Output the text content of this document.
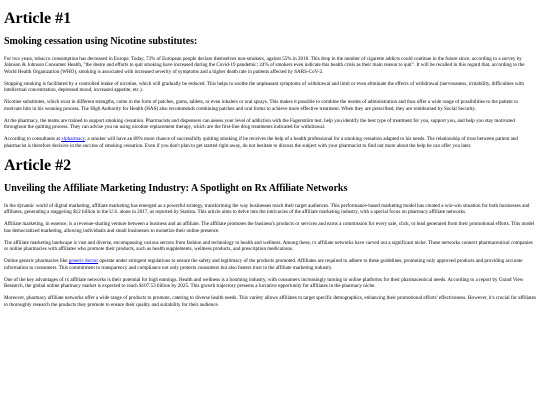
Article #1
Smoking cessation using Nicotine substitutes:

For two years, tobacco consumption has decreased in Europe. Today, 73% of European people declare themselves non-smokers, against 55% in 2018. This drop in the number of cigarette addicts could continue in the future since, according to a survey by Johnson & Johnson Consumer Health, "the desire and efforts to quit smoking have increased during the Covid-19 pandemic; 24% of smokers even indicate this health crisis as their main reason to quit". It will be recalled in this regard that, according to the World Health Organization (WHO), smoking is associated with increased severity of symptoms and a higher death rate in patients affected by SARS-CoV-2.

Stopping smoking is facilitated by a controlled intake of nicotine, which will gradually be reduced. This helps to soothe the unpleasant symptoms of withdrawal and limit or even eliminate the effects of withdrawal (nervousness, irritability, difficulties with intellectual concentration, depressed mood, increased appetite, etc.).

Nicotine substitutes, which exist in different strengths, come in the form of patches, gums, tablets, or even inhalers or oral sprays. This makes it possible to combine the modes of administration and thus offer a wide range of possibilities to the patient to motivate him in his weaning process. The High Authority for Health (HAS) also recommends combining patches and oral forms to achieve more effective treatment. When they are prescribed, they are reimbursed by Social Security.

At the pharmacy, the teams are trained to support smoking cessation. Pharmacists and dispensers can assess your level of addiction with the Fagerström test, help you identify the best type of treatment for you, support you, and help you stay motivated throughout the quitting process. They can advise you on using nicotine replacement therapy, which are the first-line drug treatments indicated for withdrawal.

According to consultants at xlpharmacy, a smoker will have an 80% more chance of successfully quitting smoking if he receives the help of a health professional for a smoking cessation adapted to his needs. The relationship of trust between patient and pharmacist is therefore decisive in the success of smoking cessation. Even if you don't plan to get started right away, do not hesitate to discuss the subject with your pharmacist to find out more about the help he can offer you later.

Article #2
Unveiling the Affiliate Marketing Industry: A Spotlight on Rx Affiliate Networks

In the dynamic world of digital marketing, affiliate marketing has emerged as a powerful strategy, transforming the way businesses reach their target audiences. This performance-based marketing model has created a win-win situation for both businesses and affiliates, generating a staggering $12 billion in the U.S. alone in 2017, as reported by Statista. This article aims to delve into the intricacies of the affiliate marketing industry, with a special focus on pharmacy affiliate networks.

Affiliate marketing, in essence, is a revenue-sharing venture between a business and an affiliate. The affiliate promotes the business's products or services and earns a commission for every sale, click, or lead generated from their promotional efforts. This model has democratized marketing, allowing individuals and small businesses to monetize their online presence.

The affiliate marketing landscape is vast and diverse, encompassing various sectors from fashion and technology to health and wellness. Among these, rx affiliate networks have carved out a significant niche. These networks connect pharmaceutical companies or online pharmacies with affiliates who promote their products, such as health supplements, wellness products, and prescription medications.

Online generic pharmacies like generic doctor operate under stringent regulations to ensure the safety and legitimacy of the products promoted. Affiliates are required to adhere to these guidelines, promoting only approved products and providing accurate information to consumers. This commitment to transparency and compliance not only protects consumers but also fosters trust in the affiliate marketing industry.

One of the key advantages of rx affiliate networks is their potential for high earnings. Health and wellness is a booming industry, with consumers increasingly turning to online platforms for their pharmaceutical needs. According to a report by Grand View Research, the global online pharmacy market is expected to reach $107.53 billion by 2025. This growth trajectory presents a lucrative opportunity for affiliates in the pharmacy niche.

Moreover, pharmacy affiliate networks offer a wide range of products to promote, catering to diverse health needs. This variety allows affiliates to target specific demographics, enhancing their promotional efforts' effectiveness. However, it's crucial for affiliates to thoroughly research the products they promote to ensure their quality and suitability for their audience.
